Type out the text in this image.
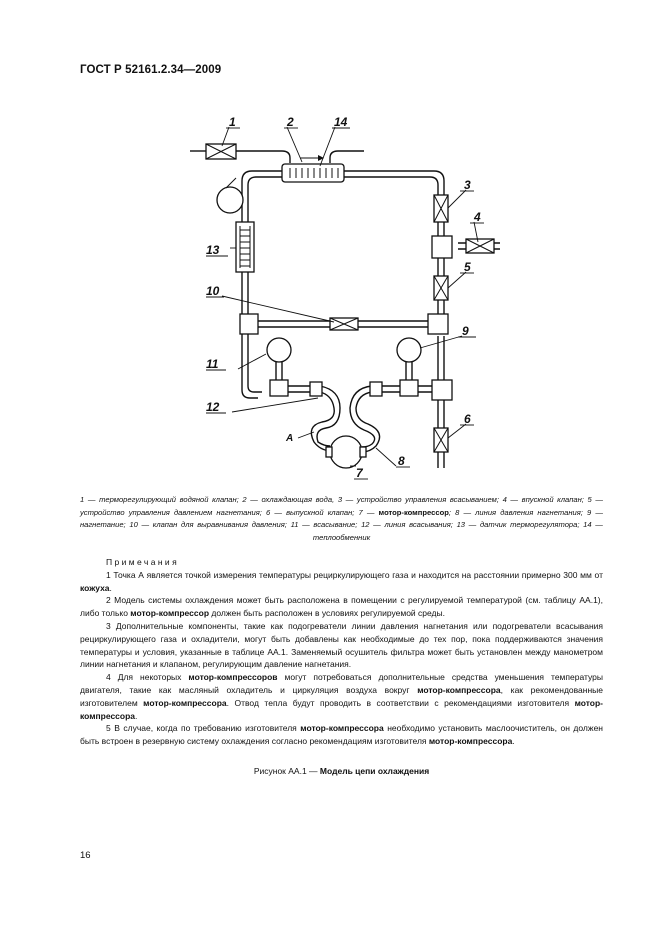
ГОСТ Р 52161.2.34—2009
1	2	14
3
4
5
6
7
8
9
10
11
12
13
A
1 — терморегулирующий водяной клапан; 2 — охлаждающая вода, 3 — устройство управления всасыванием; 4 — впускной клапан; 5 — устройство управления давлением нагнетания; 6 — выпускной клапан; 7 — мотор-компрессор; 8 — линия давления нагнетания; 9 — нагнетание; 10 — клапан для выравнивания давления; 11 — всасывание; 12 — линия всасывания; 13 — датчик терморегулятора; 14 — теплообменник
Примечания

1 Точка А является точкой измерения температуры рециркулирующего газа и находится на расстоянии примерно 300 мм от кожуха.

2 Модель системы охлаждения может быть расположена в помещении с регулируемой температурой (см. таблицу АА.1), либо только мотор-компрессор должен быть расположен в условиях регулируемой среды.

3 Дополнительные компоненты, такие как подогреватели линии давления нагнетания или подогреватели всасывания рециркулирующего газа и охладители, могут быть добавлены как необходимые до тех пор, пока поддерживаются значения температуры и условия, указанные в таблице АА.1. Заменяемый осушитель фильтра может быть установлен между манометром линии нагнетания и клапаном, регулирующим давление нагнетания.

4 Для некоторых мотор-компрессоров могут потребоваться дополнительные средства уменьшения температуры двигателя, такие как масляный охладитель и циркуляция воздуха вокруг мотор-компрессора, как рекомендованные изготовителем мотор-компрессора. Отвод тепла будут проводить в соответствии с рекомендациями изготовителя мотор-компрессора.

5 В случае, когда по требованию изготовителя мотор-компрессора необходимо установить маслоочиститель, он должен быть встроен в резервную систему охлаждения согласно рекомендациям изготовителя мотор-компрессора.

Рисунок АА.1 — Модель цепи охлаждения
16
